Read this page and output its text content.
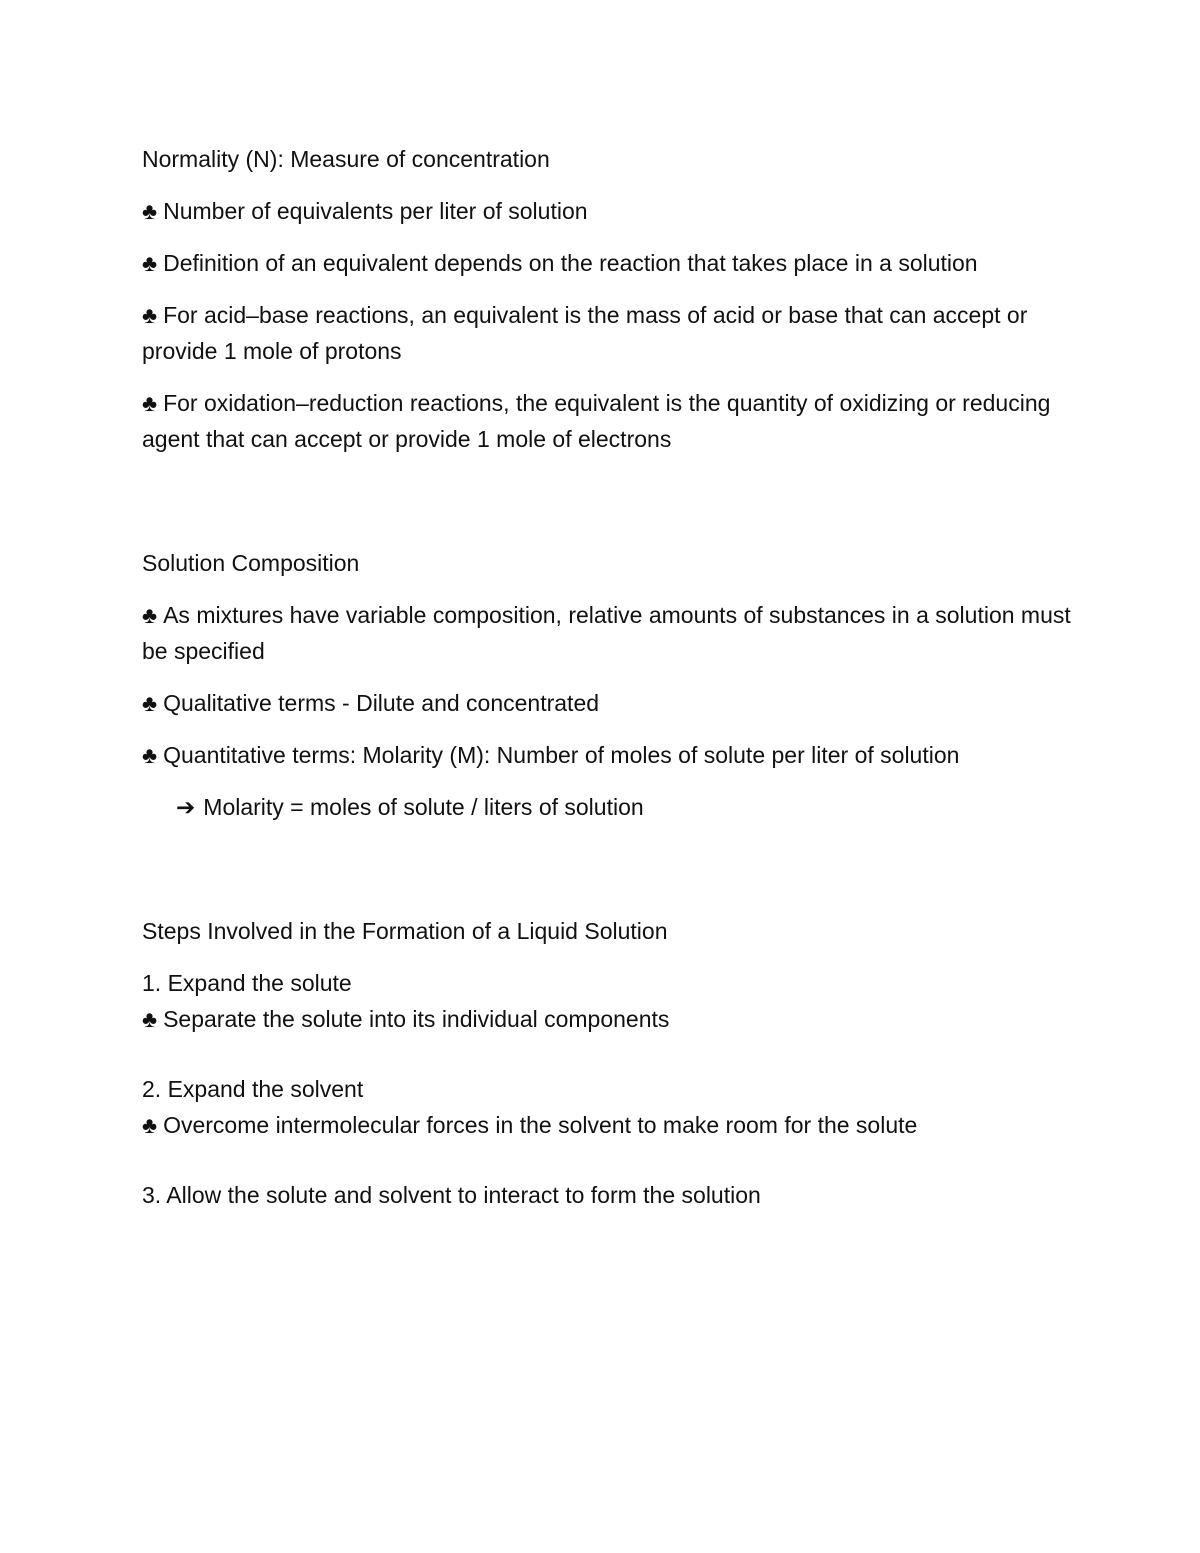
Normality (N): Measure of concentration

♣ Number of equivalents per liter of solution

♣ Definition of an equivalent depends on the reaction that takes place in a solution

♣ For acid–base reactions, an equivalent is the mass of acid or base that can accept or provide 1 mole of protons

♣ For oxidation–reduction reactions, the equivalent is the quantity of oxidizing or reducing agent that can accept or provide 1 mole of electrons

Solution Composition

♣ As mixtures have variable composition, relative amounts of substances in a solution must be specified

♣ Qualitative terms - Dilute and concentrated

♣ Quantitative terms: Molarity (M): Number of moles of solute per liter of solution

➔ Molarity = moles of solute / liters of solution

Steps Involved in the Formation of a Liquid Solution

1. Expand the solute

♣ Separate the solute into its individual components

2. Expand the solvent

♣ Overcome intermolecular forces in the solvent to make room for the solute

3. Allow the solute and solvent to interact to form the solution
